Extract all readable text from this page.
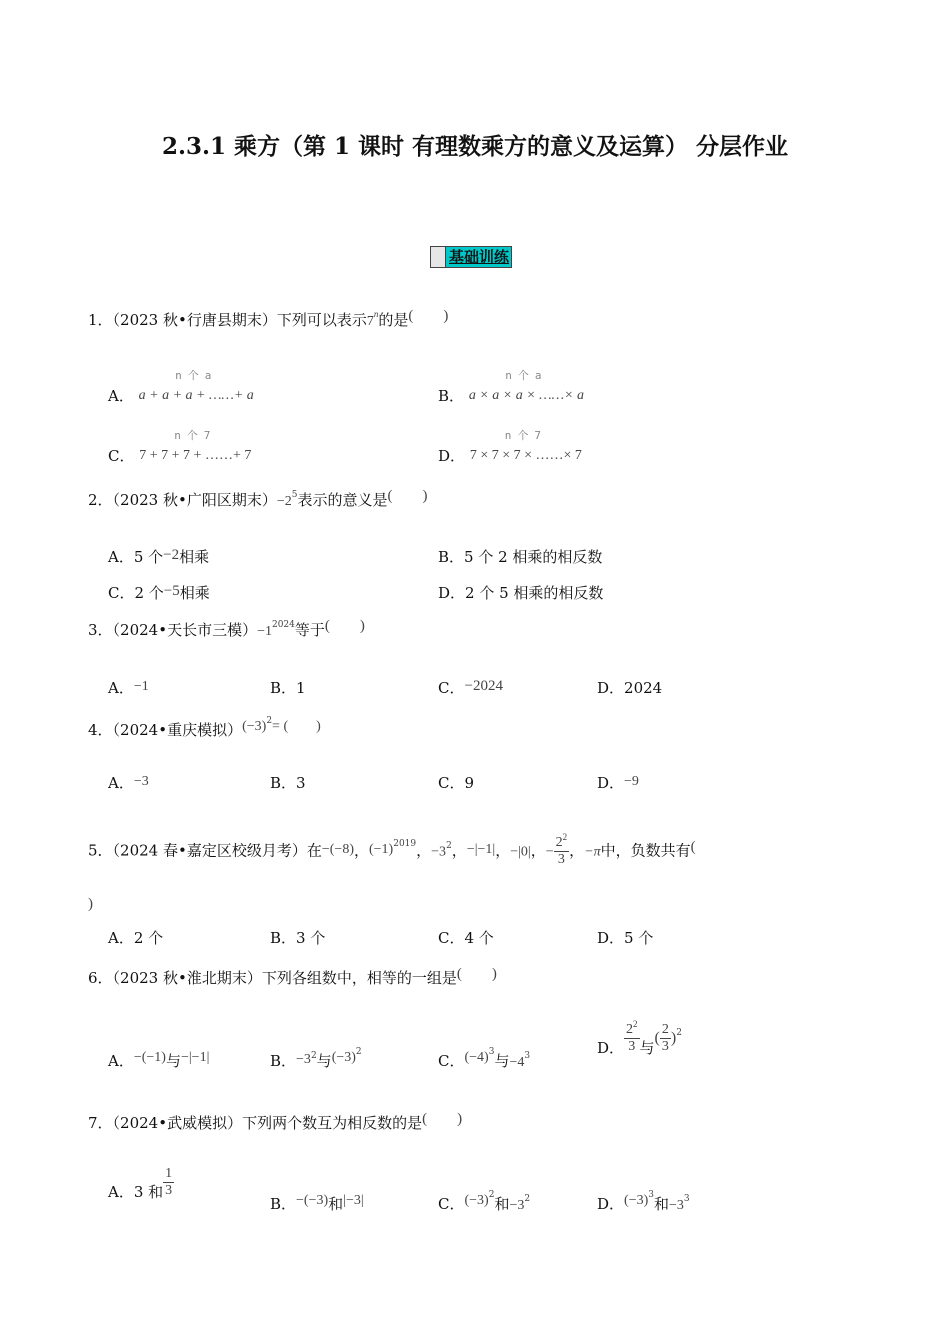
2.3.1 乘方（第 1 课时 有理数乘方的意义及运算） 分层作业
基础训练
1．（2023 秋•行唐县期末）下列可以表示7$^n$的是(　　)
A．
n个a
a + a + a + ……+ a	B．
n个a
a × a × a × ……× a
C．
n个7
7 + 7 + 7 + ……+ 7	D．
n个7
7 × 7 × 7 × ……× 7
2．（2023 秋•广阳区期末）$-2^5$表示的意义是(　　)
A．5 个−2相乘	B．5 个 2 相乘的相反数
C．2 个−5相乘	D．2 个 5 相乘的相反数
3．（2024•天长市三模）$-1^{2024}$等于(　　)
A．−1	B．1	C．−2024	D．2024
4．（2024•重庆模拟）$(-3)^2=$ (　　)
A．−3	B．3	C．9	D．−9
5．（2024 春•嘉定区校级月考）在−(−8)，$(-1)^{2019}$，$-3^2$，−|−1|，−|0|，− $\frac{2^2}{3}$ ，−π中，负数共有(
)
A．2 个	B．3 个	C．4 个	D．5 个
6．（2023 秋•淮北期末）下列各组数中，相等的一组是(　　)
A．−(−1)与−|−1|	B．$-3^2$与$(-3)^2$	C．$(-4)^3$与$-4^3$	D． $\frac{2^2}{3}$ 与( $\frac{2}{3} )^2$
7．（2024•武威模拟）下列两个数互为相反数的是(　　)
A．3 和 $\frac{1}{3}$
B．−(−3)和|−3|	C．$(-3)^2$和$-3^2$	D．$(-3)^3$和$-3^3$
